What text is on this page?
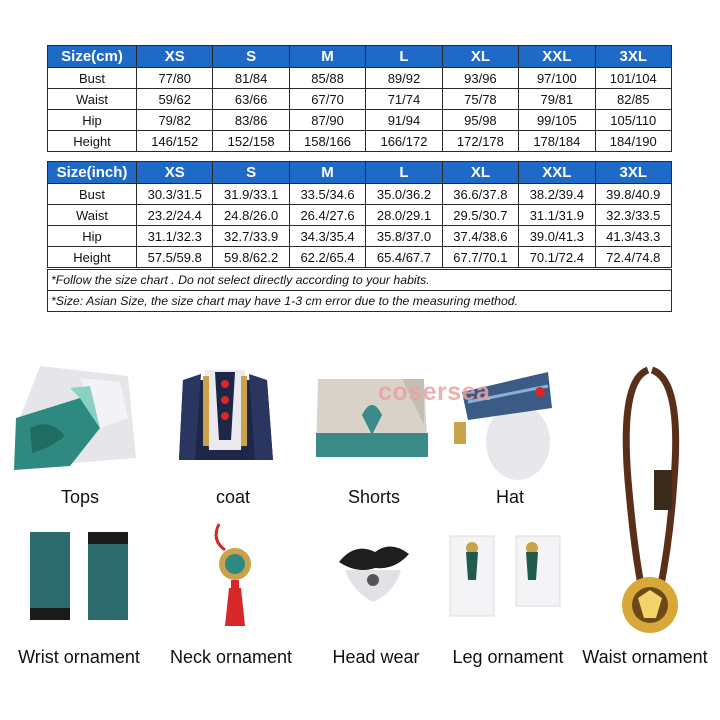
Size(cm)	XS	S	M	L	XL	XXL	3XL
Bust	77/80	81/84	85/88	89/92	93/96	97/100	101/104
Waist	59/62	63/66	67/70	71/74	75/78	79/81	82/85
Hip	79/82	83/86	87/90	91/94	95/98	99/105	105/110
Height	146/152	152/158	158/166	166/172	172/178	178/184	184/190
Size(inch)	XS	S	M	L	XL	XXL	3XL
Bust	30.3/31.5	31.9/33.1	33.5/34.6	35.0/36.2	36.6/37.8	38.2/39.4	39.8/40.9
Waist	23.2/24.4	24.8/26.0	26.4/27.6	28.0/29.1	29.5/30.7	31.1/31.9	32.3/33.5
Hip	31.1/32.3	32.7/33.9	34.3/35.4	35.8/37.0	37.4/38.6	39.0/41.3	41.3/43.3
Height	57.5/59.8	59.8/62.2	62.2/65.4	65.4/67.7	67.7/70.1	70.1/72.4	72.4/74.8
*Follow the size chart . Do not select directly according to your habits.
*Size: Asian Size, the size chart may have 1-3 cm error due to the measuring method.
cosersea
Tops	coat	Shorts	Hat
Wrist ornament	Neck ornament	Head wear	Leg ornament	Waist ornament
